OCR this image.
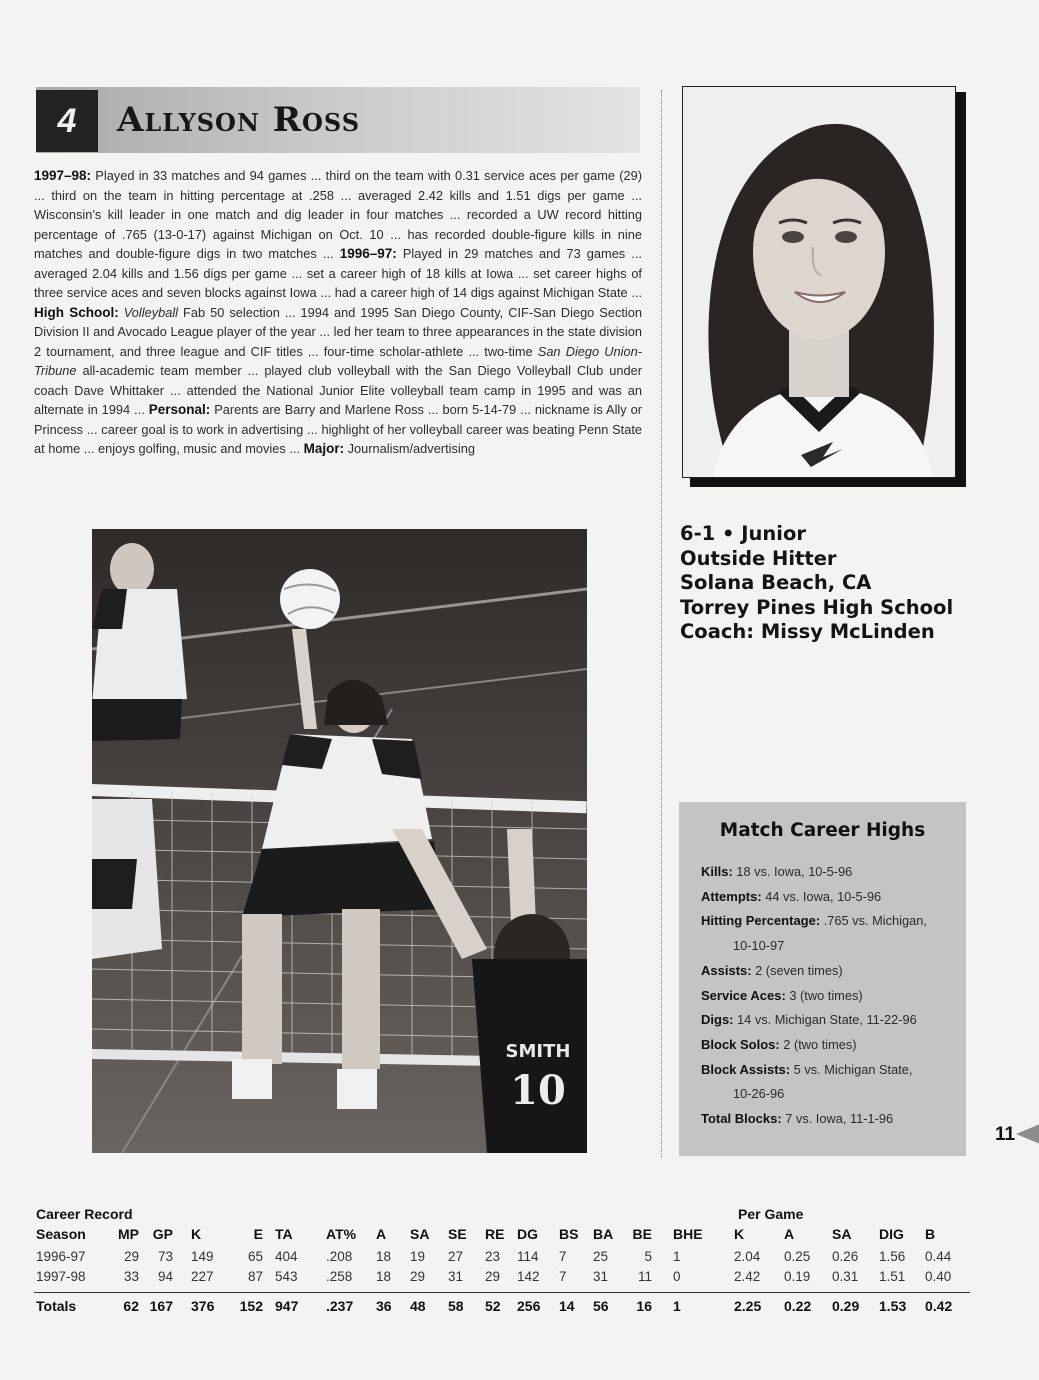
4	Allyson Ross
1997–98: Played in 33 matches and 94 games ... third on the team with 0.31 service aces per game (29) ... third on the team in hitting percentage at .258 ... averaged 2.42 kills and 1.51 digs per game ... Wisconsin’s kill leader in one match and dig leader in four matches ... recorded a UW record hitting percentage of .765 (13-0-17) against Michigan on Oct. 10 ... has recorded double-figure kills in nine matches and double-figure digs in two matches ... 1996–97: Played in 29 matches and 73 games ... averaged 2.04 kills and 1.56 digs per game ... set a career high of 18 kills at Iowa ... set career highs of three service aces and seven blocks against Iowa ... had a career high of 14 digs against Michigan State ... High School: Volleyball Fab 50 selection ... 1994 and 1995 San Diego County, CIF-San Diego Section Division II and Avocado League player of the year ... led her team to three appearances in the state division 2 tournament, and three league and CIF titles ... four-time scholar-athlete ... two-time San Diego Union-Tribune all-academic team member ... played club volleyball with the San Diego Volleyball Club under coach Dave Whittaker ... attended the National Junior Elite volleyball team camp in 1995 and was an alternate in 1994 ... Personal: Parents are Barry and Marlene Ross ... born 5-14-79 ... nickname is Ally or Princess ... career goal is to work in advertising ... highlight of her volleyball career was beating Penn State at home ... enjoys golfing, music and movies ... Major: Journalism/advertising
SMITH
10
6-1 • Junior
Outside Hitter
Solana Beach, CA
Torrey Pines High School
Coach: Missy McLinden
Match Career Highs
Kills: 18 vs. Iowa, 10-5-96
Attempts: 44 vs. Iowa, 10-5-96
Hitting Percentage: .765 vs. Michigan,
10-10-97
Assists: 2 (seven times)
Service Aces: 3 (two times)
Digs: 14 vs. Michigan State, 11-22-96
Block Solos: 2 (two times)
Block Assists: 5 vs. Michigan State,
10-26-96
Total Blocks: 7 vs. Iowa, 11-1-96
11
Career Record	Per Game
Season MP GP K	E TA AT% A SA SE RE DG BS BA BE BHE K	A	SA DIG B
1996-97	29 73 149	65 404 .208 18 19 27 23 114 7 25	5 1	2.04 0.25 0.26 1.56 0.44
1997-98	33 94 227	87 543 .258 18 29 31 29 142 7 31 11 0	2.42 0.19 0.31 1.51 0.40
Totals	62 167 376 152 947 .237 36 48 58 52 256 14 56 16 1	2.25 0.22 0.29 1.53 0.42
